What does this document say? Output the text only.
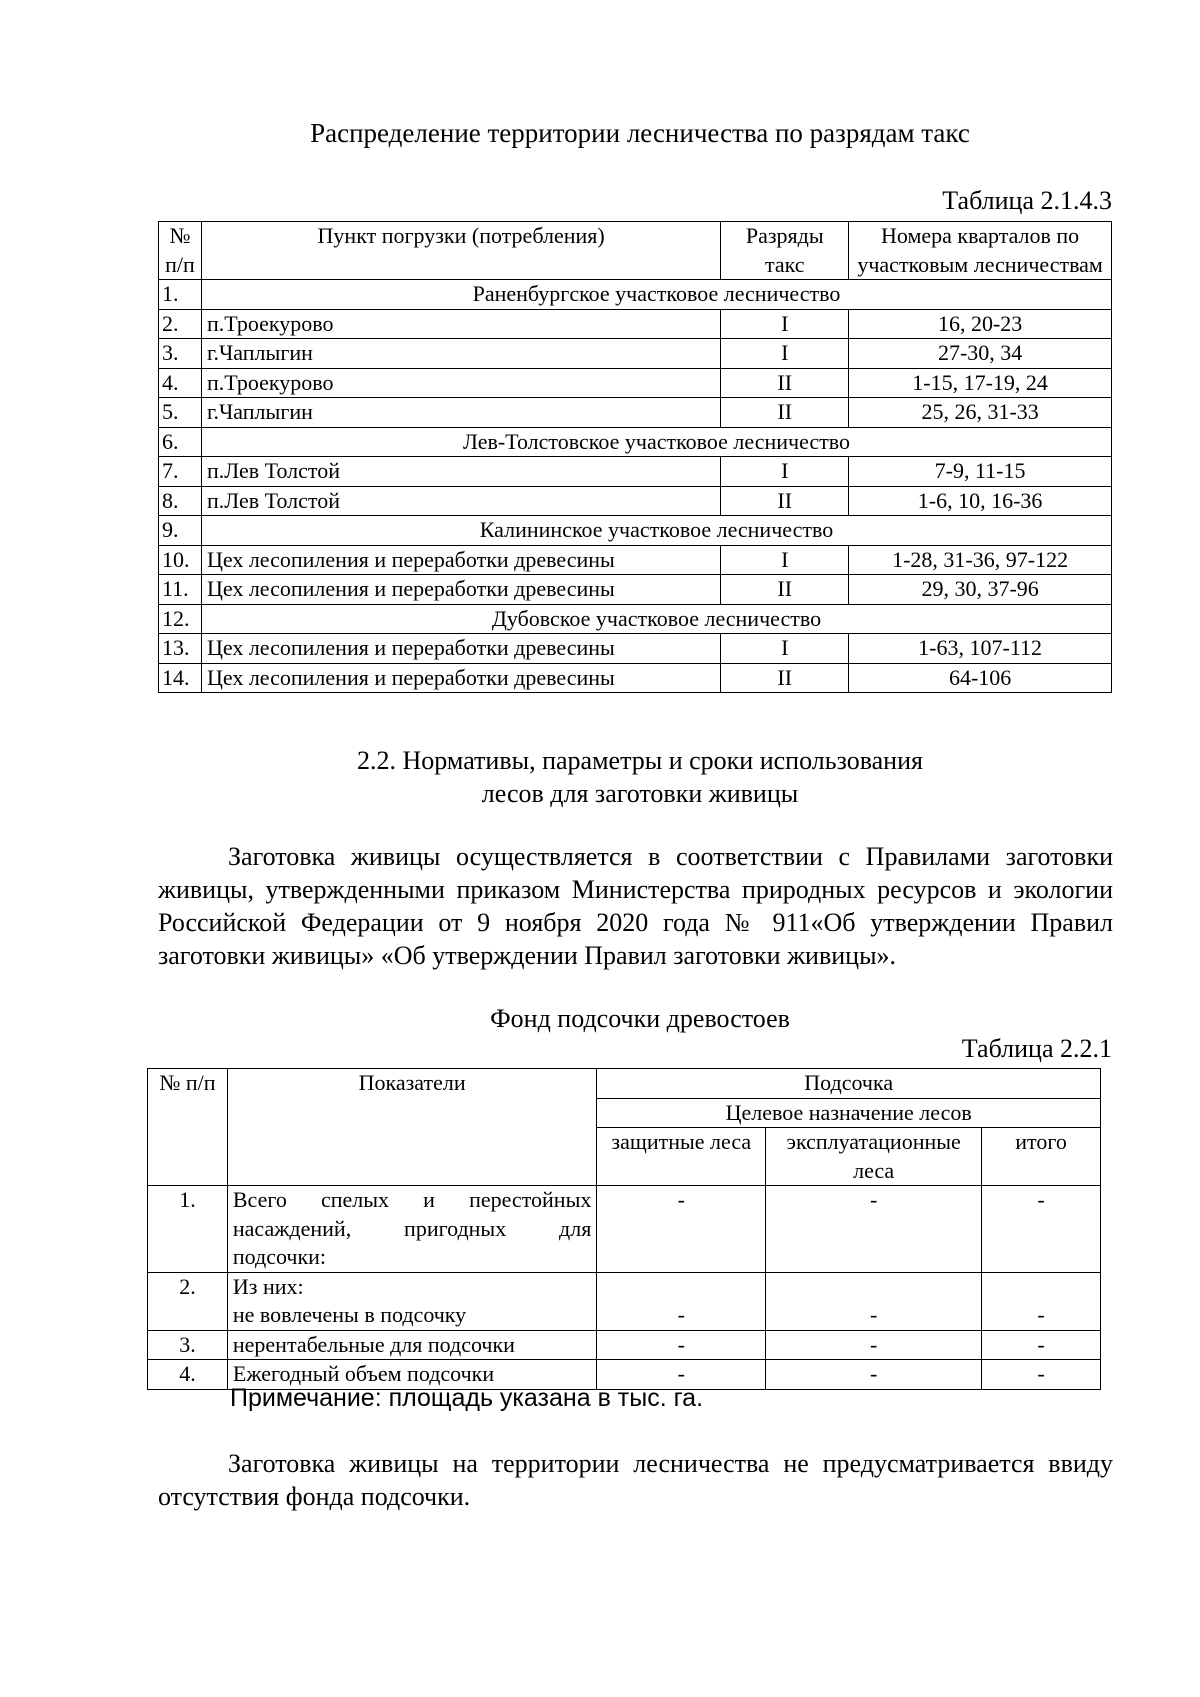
Распределение территории лесничества по разрядам такс
Таблица 2.1.4.3
№ п/п	Пункт погрузки (потребления)	Разряды такс	Номера кварталов по участковым лесничествам
1.	Раненбургское участковое лесничество		
2.	п.Троекурово	I	16, 20-23
3.	г.Чаплыгин	I	27-30, 34
4.	п.Троекурово	II	1-15, 17-19, 24
5.	г.Чаплыгин	II	25, 26, 31-33
6.	Лев-Толстовское участковое лесничество		
7.	п.Лев Толстой	I	7-9, 11-15
8.	п.Лев Толстой	II	1-6, 10, 16-36
9.	Калининское участковое лесничество		
10.	Цех лесопиления и переработки древесины	I	1-28, 31-36, 97-122
11.	Цех лесопиления и переработки древесины	II	29, 30, 37-96
12.	Дубовское участковое лесничество		
13.	Цех лесопиления и переработки древесины	I	1-63, 107-112
14.	Цех лесопиления и переработки древесины	II	64-106
2.2. Нормативы, параметры и сроки использования
лесов для заготовки живицы
Заготовка живицы осуществляется в соответствии с Правилами заготовки живицы, утвержденными приказом Министерства природных ресурсов и экологии Российской Федерации от 9 ноября 2020 года № 911«Об утверждении Правил заготовки живицы» «Об утверждении Правил заготовки живицы».
Фонд подсочки древостоев
Таблица 2.2.1
№ п/п	Показатели	Подсочка		
		Целевое назначение лесов		
		защитные леса	эксплуатационные леса	итого
1.	Всего спелых и перестойных насаждений, пригодных для подсочки:	-	-	-
2.	Из них:
не вовлечены в подсочку	-	-	-
3.	нерентабельные для подсочки	-	-	-
4.	Ежегодный объем подсочки	-	-	-
Примечание: площадь указана в тыс. га.
Заготовка живицы на территории лесничества не предусматривается ввиду отсутствия фонда подсочки.
